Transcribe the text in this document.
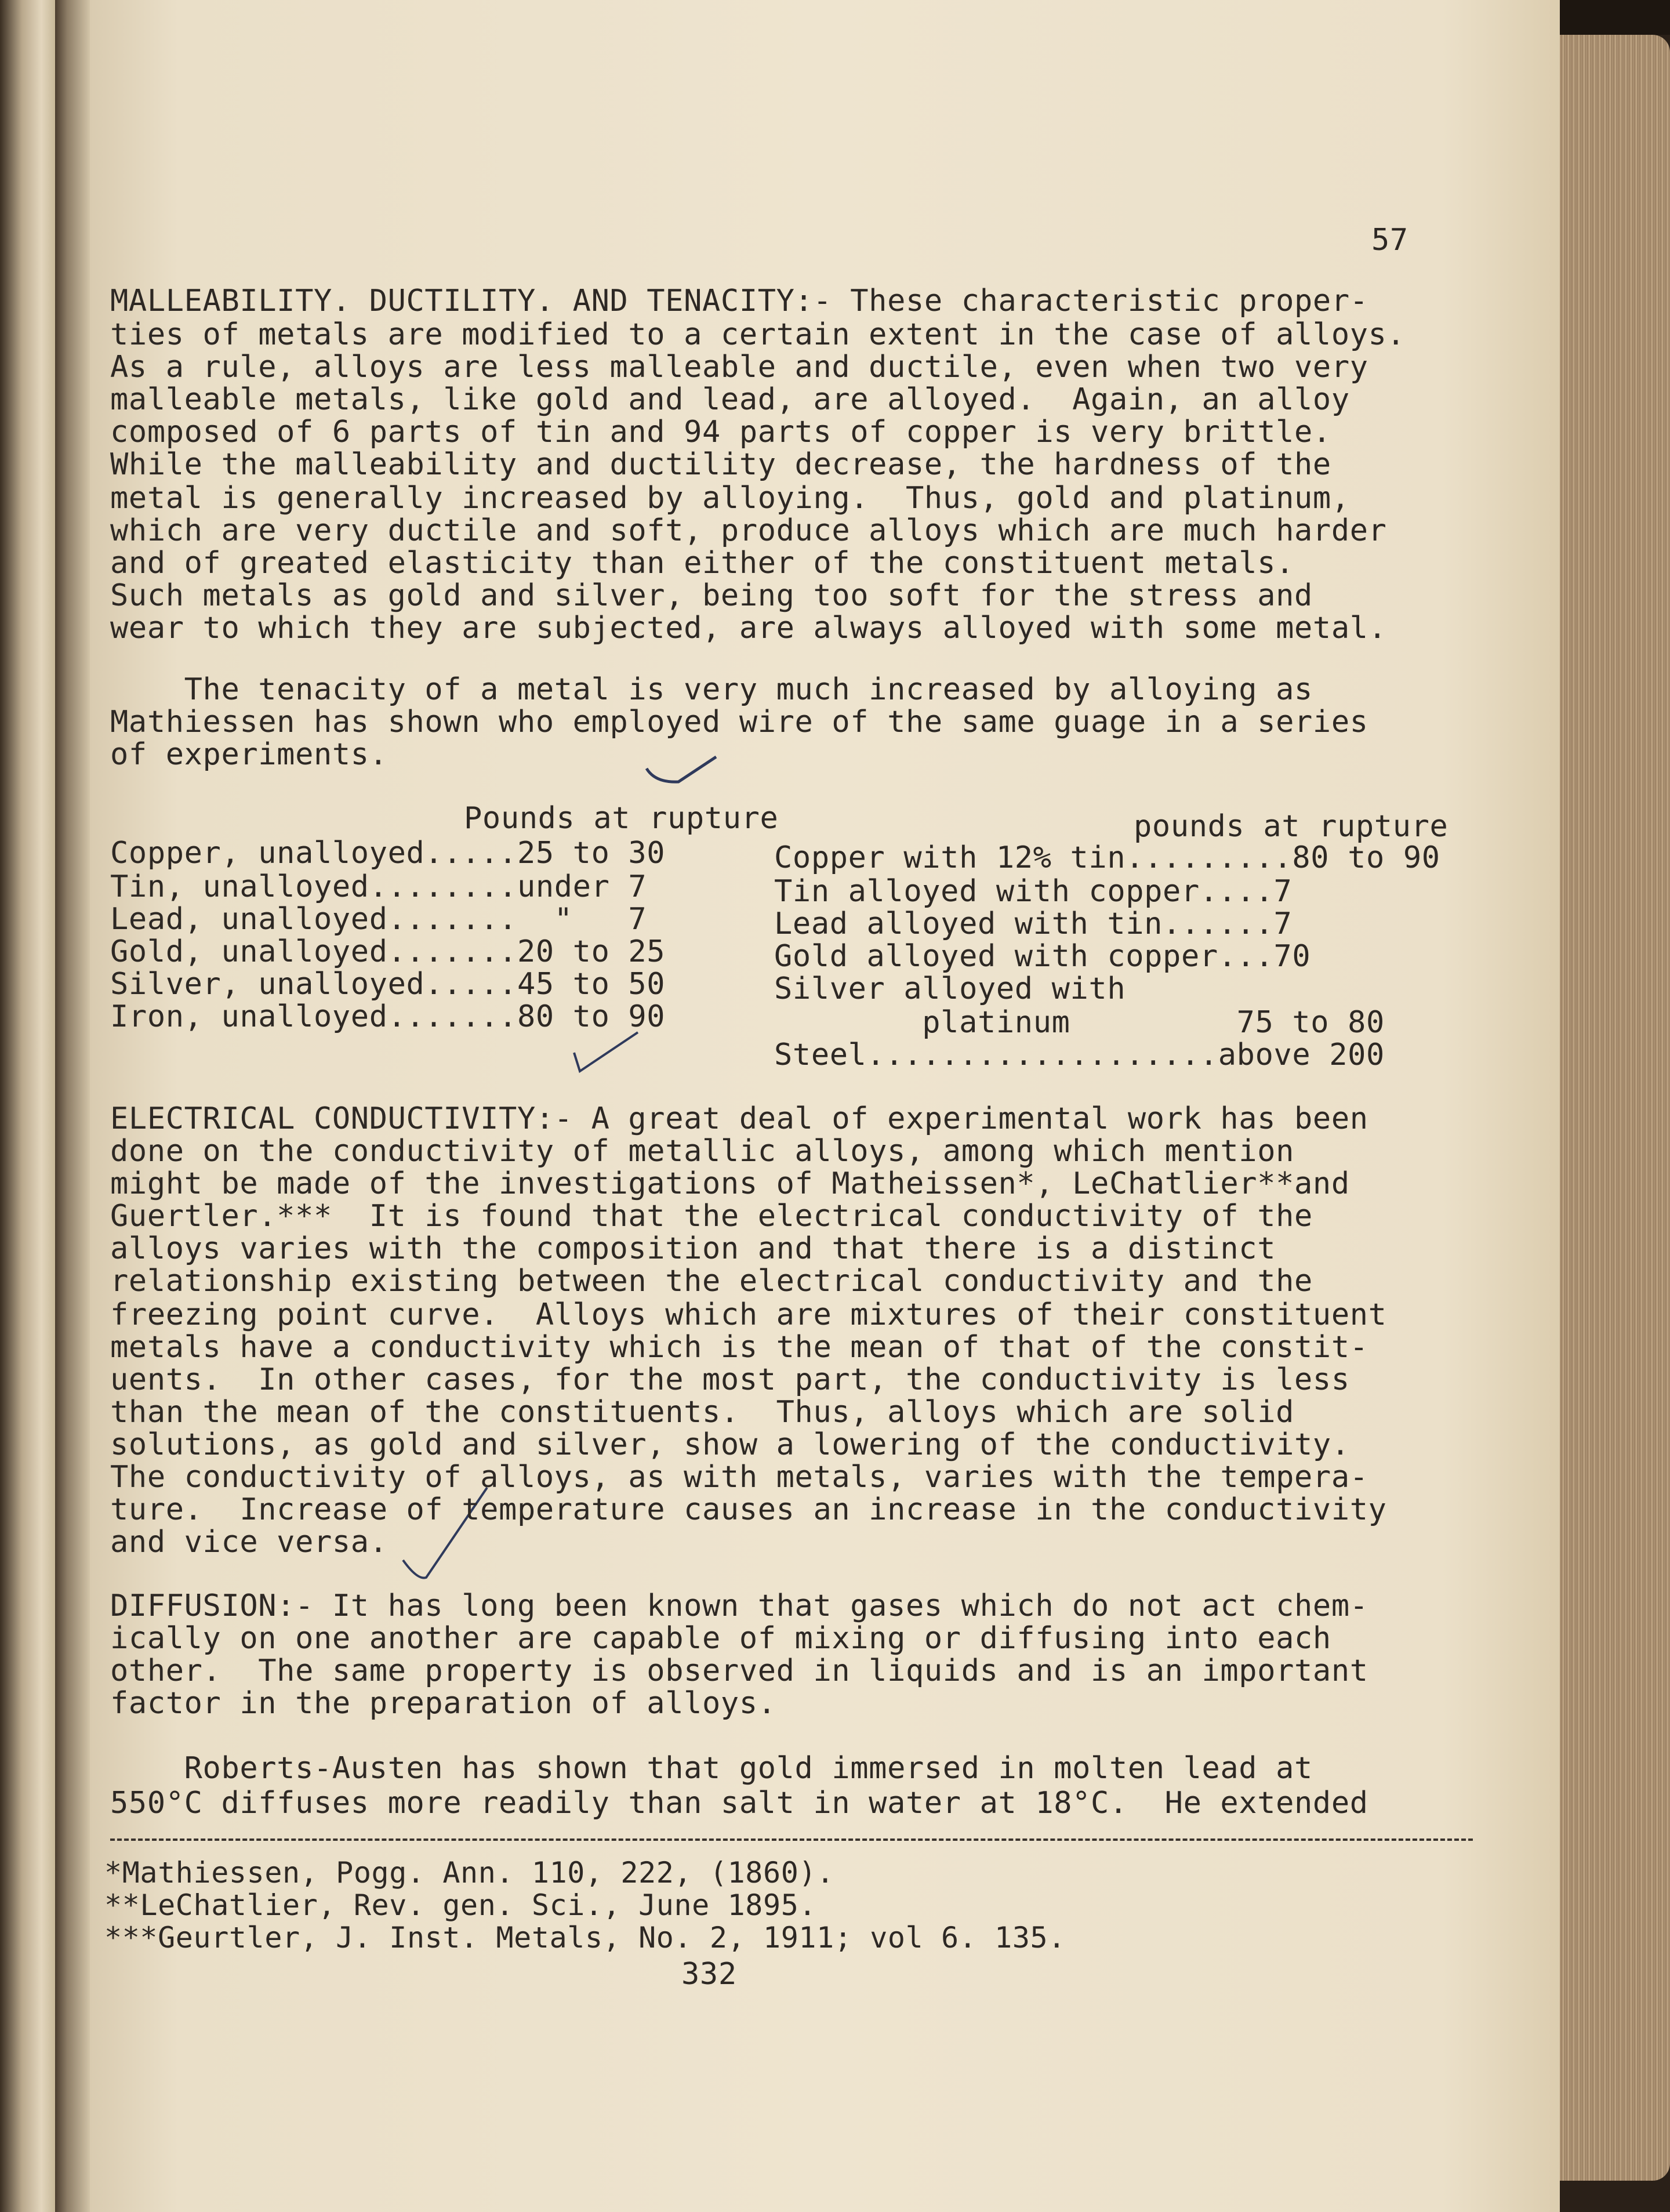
57
MALLEABILITY. DUCTILITY. AND TENACITY:- These characteristic proper-
ties of metals are modified to a certain extent in the case of alloys.
As a rule, alloys are less malleable and ductile, even when two very
malleable metals, like gold and lead, are alloyed.  Again, an alloy
composed of 6 parts of tin and 94 parts of copper is very brittle.
While the malleability and ductility decrease, the hardness of the
metal is generally increased by alloying.  Thus, gold and platinum,
which are very ductile and soft, produce alloys which are much harder
and of greated elasticity than either of the constituent metals.
Such metals as gold and silver, being too soft for the stress and
wear to which they are subjected, are always alloyed with some metal.
The tenacity of a metal is very much increased by alloying as
Mathiessen has shown who employed wire of the same guage in a series
of experiments.
Pounds at rupture	pounds at rupture
Copper, unalloyed.....25 to 30
Tin, unalloyed........under 7
Lead, unalloyed.......  "   7
Gold, unalloyed.......20 to 25
Silver, unalloyed.....45 to 50
Iron, unalloyed.......80 to 90
Copper with 12% tin.........80 to 90
Tin alloyed with copper....7
Lead alloyed with tin......7
Gold alloyed with copper...70
Silver alloyed with
platinum         75 to 80
Steel...................above 200
ELECTRICAL CONDUCTIVITY:- A great deal of experimental work has been
done on the conductivity of metallic alloys, among which mention
might be made of the investigations of Matheissen*, LeChatlier**and
Guertler.***  It is found that the electrical conductivity of the
alloys varies with the composition and that there is a distinct
relationship existing between the electrical conductivity and the
freezing point curve.  Alloys which are mixtures of their constituent
metals have a conductivity which is the mean of that of the constit-
uents.  In other cases, for the most part, the conductivity is less
than the mean of the constituents.  Thus, alloys which are solid
solutions, as gold and silver, show a lowering of the conductivity.
The conductivity of alloys, as with metals, varies with the tempera-
ture.  Increase of temperature causes an increase in the conductivity
and vice versa.
DIFFUSION:- It has long been known that gases which do not act chem-
ically on one another are capable of mixing or diffusing into each
other.  The same property is observed in liquids and is an important
factor in the preparation of alloys.
Roberts-Austen has shown that gold immersed in molten lead at
550°C diffuses more readily than salt in water at 18°C.  He extended
*Mathiessen, Pogg. Ann. 110, 222, (1860).
**LeChatlier, Rev. gen. Sci., June 1895.
***Geurtler, J. Inst. Metals, No. 2, 1911; vol 6. 135.
332
